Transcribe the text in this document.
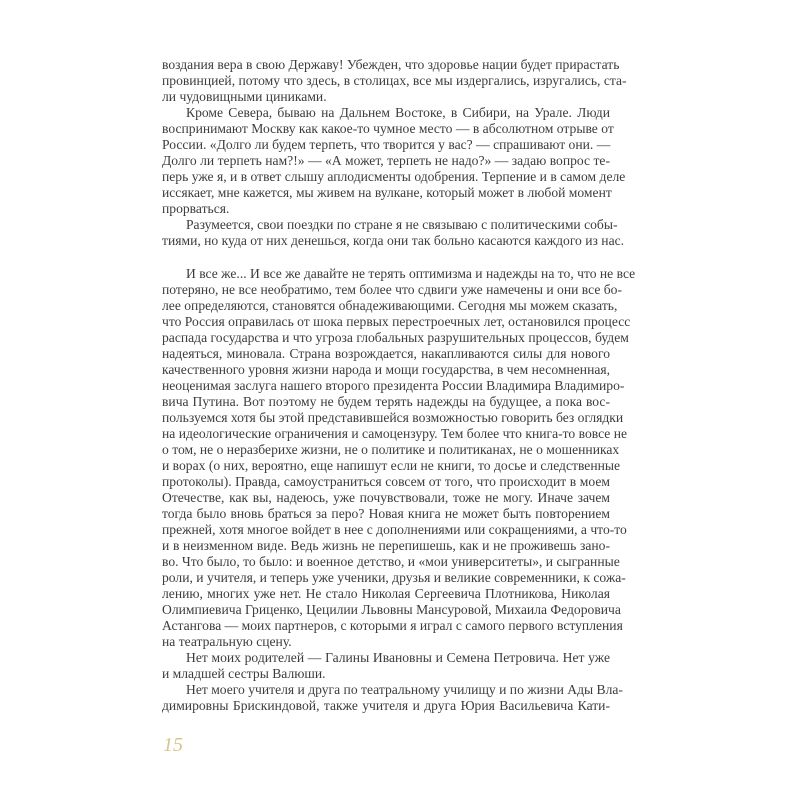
воздания вера в свою Державу! Убежден, что здоровье нации будет прирастать
провинцией, потому что здесь, в столицах, все мы издергались, изругались, ста-
ли чудовищными циниками.
Кроме Севера, бываю на Дальнем Востоке, в Сибири, на Урале. Люди
воспринимают Москву как какое-то чумное место — в абсолютном отрыве от
России. «Долго ли будем терпеть, что творится у вас? — спрашивают они. —
Долго ли терпеть нам?!» — «А может, терпеть не надо?» — задаю вопрос те-
перь уже я, и в ответ слышу аплодисменты одобрения. Терпение и в самом деле
иссякает, мне кажется, мы живем на вулкане, который может в любой момент
прорваться.
Разумеется, свои поездки по стране я не связываю с политическими собы-
тиями, но куда от них денешься, когда они так больно касаются каждого из нас.
И все же... И все же давайте не терять оптимизма и надежды на то, что не все
потеряно, не все необратимо, тем более что сдвиги уже намечены и они все бо-
лее определяются, становятся обнадеживающими. Сегодня мы можем сказать,
что Россия оправилась от шока первых перестроечных лет, остановился процесс
распада государства и что угроза глобальных разрушительных процессов, будем
надеяться, миновала. Страна возрождается, накапливаются силы для нового
качественного уровня жизни народа и мощи государства, в чем несомненная,
неоценимая заслуга нашего второго президента России Владимира Владимиро-
вича Путина. Вот поэтому не будем терять надежды на будущее, а пока вос-
пользуемся хотя бы этой представившейся возможностью говорить без оглядки
на идеологические ограничения и самоцензуру. Тем более что книга-то вовсе не
о том, не о неразберихе жизни, не о политике и политиканах, не о мошенниках
и ворах (о них, вероятно, еще напишут если не книги, то досье и следственные
протоколы). Правда, самоустраниться совсем от того, что происходит в моем
Отечестве, как вы, надеюсь, уже почувствовали, тоже не могу. Иначе зачем
тогда было вновь браться за перо? Новая книга не может быть повторением
прежней, хотя многое войдет в нее с дополнениями или сокращениями, а что-то
и в неизменном виде. Ведь жизнь не перепишешь, как и не проживешь зано-
во. Что было, то было: и военное детство, и «мои университеты», и сыгранные
роли, и учителя, и теперь уже ученики, друзья и великие современники, к сожа-
лению, многих уже нет. Не стало Николая Сергеевича Плотникова, Николая
Олимпиевича Гриценко, Цецилии Львовны Мансуровой, Михаила Федоровича
Астангова — моих партнеров, с которыми я играл с самого первого вступления
на театральную сцену.
Нет моих родителей — Галины Ивановны и Семена Петровича. Нет уже
и младшей сестры Валюши.
Нет моего учителя и друга по театральному училищу и по жизни Ады Вла-
димировны Брискиндовой, также учителя и друга Юрия Васильевича Кати-
15
